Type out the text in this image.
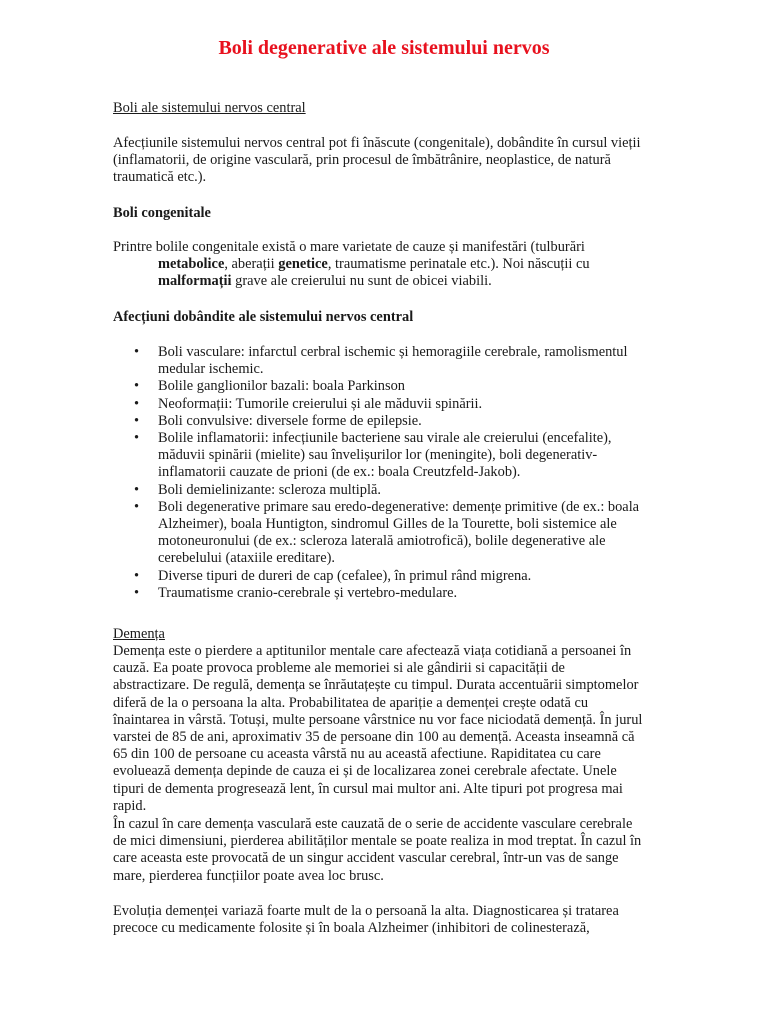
Boli degenerative ale sistemului nervos
Boli ale sistemului nervos central
Afecțiunile sistemului nervos central pot fi înăscute (congenitale), dobândite în cursul vieții (inflamatorii, de origine vasculară, prin procesul de îmbătrânire, neoplastice, de natură traumatică etc.).
Boli congenitale
Printre bolile congenitale există o mare varietate de cauze și manifestări (tulburări
metabolice, aberații genetice, traumatisme perinatale etc.). Noi născuții cu
malformații grave ale creierului nu sunt de obicei viabili.
Afecțiuni dobândite ale sistemului nervos central
• Boli vasculare: infarctul cerbral ischemic și hemoragiile cerebrale, ramolismentul medular ischemic.
• Bolile ganglionilor bazali: boala Parkinson
• Neoformații: Tumorile creierului și ale măduvii spinării.
• Boli convulsive: diversele forme de epilepsie.
• Bolile inflamatorii: infecțiunile bacteriene sau virale ale creierului (encefalite), măduvii spinării (mielite) sau învelișurilor lor (meningite), boli degenerativ-inflamatorii cauzate de prioni (de ex.: boala Creutzfeld-Jakob).
• Boli demielinizante: scleroza multiplă.
• Boli degenerative primare sau eredo-degenerative: demențe primitive (de ex.: boala Alzheimer), boala Huntigton, sindromul Gilles de la Tourette, boli sistemice ale motoneuronului (de ex.: scleroza laterală amiotrofică), bolile degenerative ale cerebelului (ataxiile ereditare).
• Diverse tipuri de dureri de cap (cefalee), în primul rând migrena.
• Traumatisme cranio-cerebrale și vertebro-medulare.
Demența
Demența este o pierdere a aptitunilor mentale care afectează viața cotidiană a persoanei în cauză. Ea poate provoca probleme ale memoriei si ale gândirii si capacității de abstractizare. De regulă, demența se înrăutațește cu timpul. Durata accentuării simptomelor diferă de la o persoana la alta. Probabilitatea de apariție a demenței crește odată cu înaintarea in vârstă. Totuși, multe persoane vârstnice nu vor face niciodată demență. În jurul varstei de 85 de ani, aproximativ 35 de persoane din 100 au demență. Aceasta inseamnă că 65 din 100 de persoane cu aceasta vârstă nu au această afectiune. Rapiditatea cu care evoluează demența depinde de cauza ei și de localizarea zonei cerebrale afectate. Unele tipuri de dementa progresează lent, în cursul mai multor ani. Alte tipuri pot progresa mai rapid.
În cazul în care demența vasculară este cauzată de o serie de accidente vasculare cerebrale de mici dimensiuni, pierderea abilităților mentale se poate realiza in mod treptat. În cazul în care aceasta este provocată de un singur accident vascular cerebral, într-un vas de sange mare, pierderea funcțiilor poate avea loc brusc.
Evoluția demenței variază foarte mult de la o persoană la alta. Diagnosticarea și tratarea precoce cu medicamente folosite și în boala Alzheimer (inhibitori de colinesterază,
